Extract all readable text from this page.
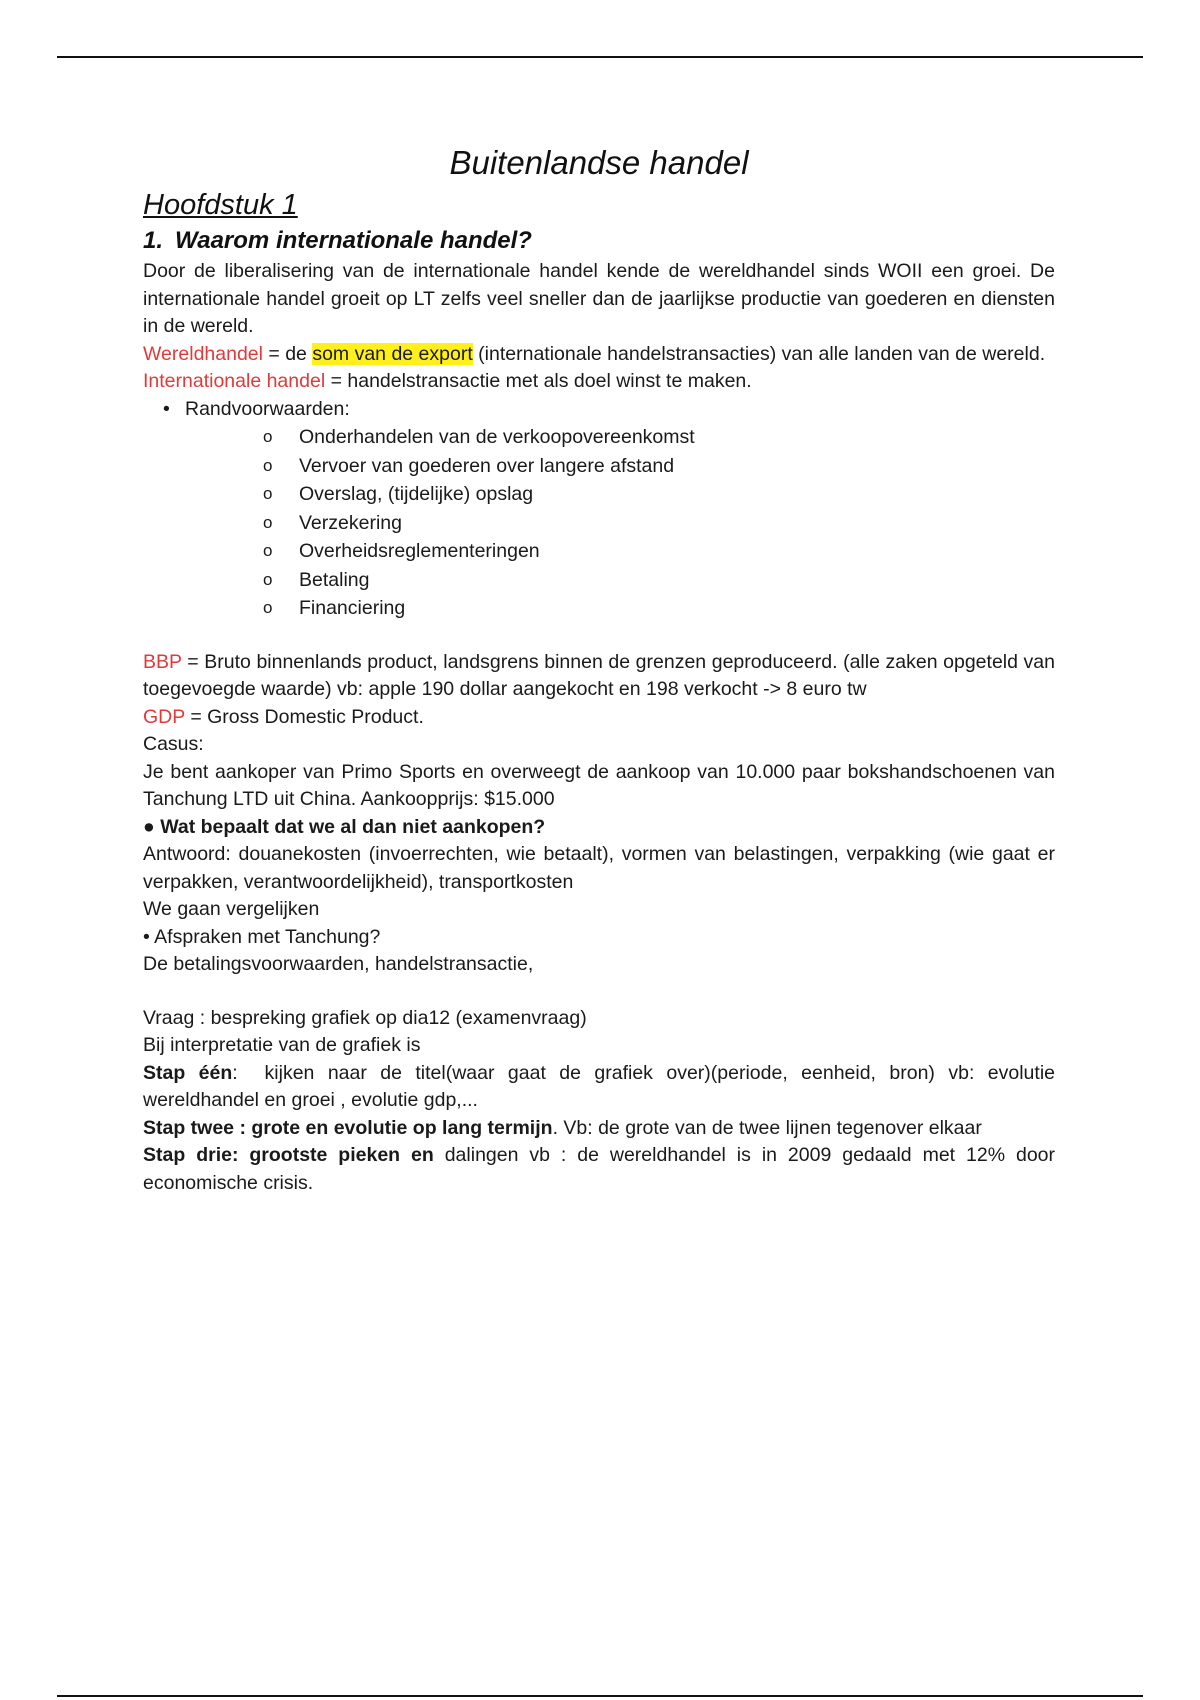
Buitenlandse handel
Hoofdstuk 1
1. Waarom internationale handel?

Door de liberalisering van de internationale handel kende de wereldhandel sinds WOII een groei. De internationale handel groeit op LT zelfs veel sneller dan de jaarlijkse productie van goederen en diensten in de wereld.

Wereldhandel = de som van de export (internationale handelstransacties) van alle landen van de wereld.

Internationale handel = handelstransactie met als doel winst te maken.

• Randvoorwaarden:
o Onderhandelen van de verkoopovereenkomst
o Vervoer van goederen over langere afstand
o Overslag, (tijdelijke) opslag
o Verzekering
o Overheidsreglementeringen
o Betaling
o Financiering

BBP = Bruto binnenlands product, landsgrens binnen de grenzen geproduceerd. (alle zaken opgeteld van toegevoegde waarde) vb: apple 190 dollar aangekocht en 198 verkocht -> 8 euro tw

GDP = Gross Domestic Product.

Casus:

Je bent aankoper van Primo Sports en overweegt de aankoop van 10.000 paar bokshandschoenen van Tanchung LTD uit China. Aankoopprijs: $15.000

● Wat bepaalt dat we al dan niet aankopen?

Antwoord: douanekosten (invoerrechten, wie betaalt), vormen van belastingen, verpakking (wie gaat er verpakken, verantwoordelijkheid), transportkosten

We gaan vergelijken

• Afspraken met Tanchung?

De betalingsvoorwaarden, handelstransactie,

Vraag : bespreking grafiek op dia12 (examenvraag)

Bij interpretatie van de grafiek is

Stap één:  kijken naar de titel(waar gaat de grafiek over)(periode, eenheid, bron) vb: evolutie wereldhandel en groei , evolutie gdp,...

Stap twee : grote en evolutie op lang termijn. Vb: de grote van de twee lijnen tegenover elkaar

Stap drie: grootste pieken en dalingen vb : de wereldhandel is in 2009 gedaald met 12% door economische crisis.
